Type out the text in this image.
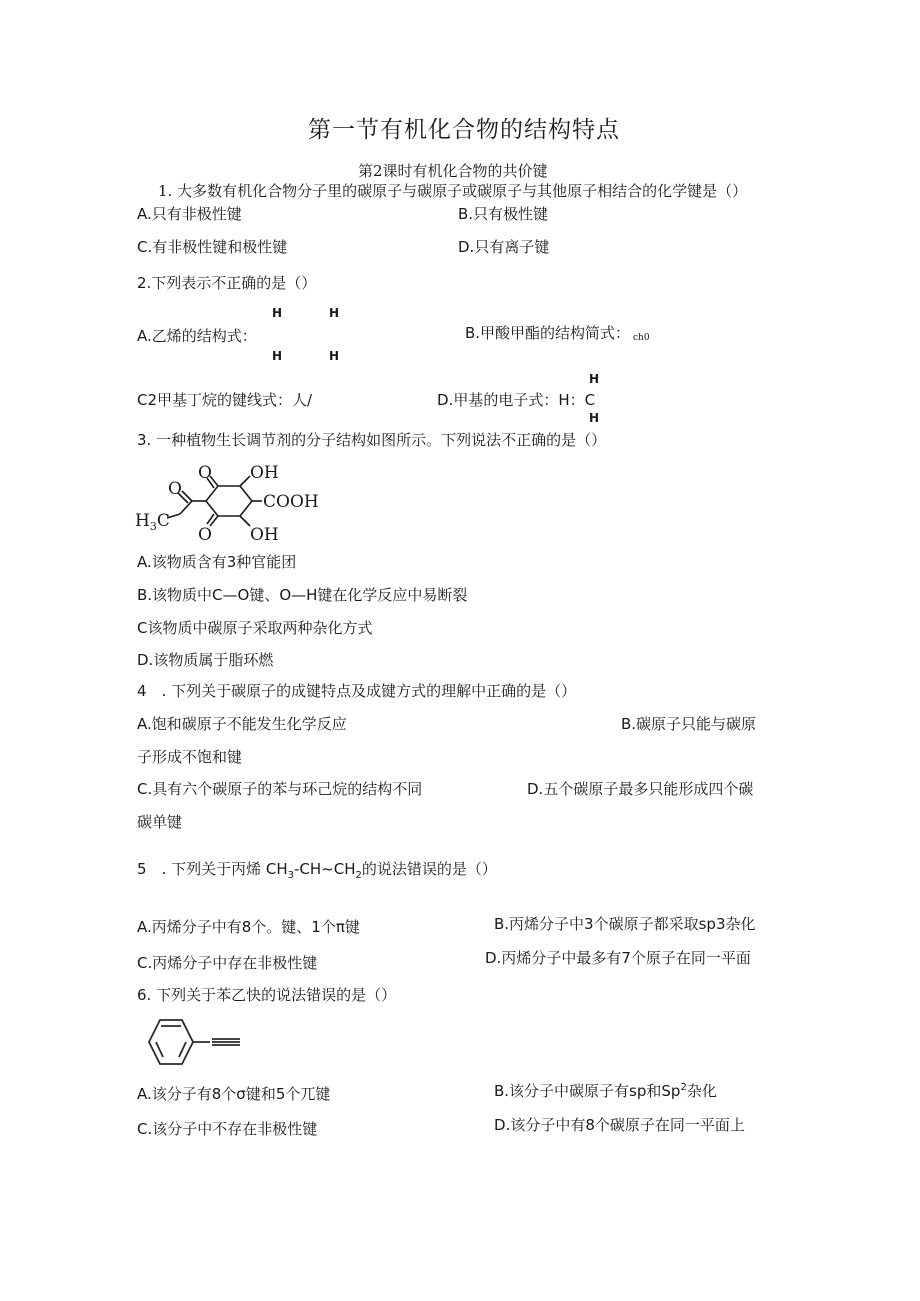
第一节有机化合物的结构特点
第2课时有机化合物的共价键
1. 大多数有机化合物分子里的碳原子与碳原子或碳原子与其他原子相结合的化学键是（）
A.只有非极性键	B.只有极性键
C.有非极性键和极性键	D.只有离子键
2.下列表示不正确的是（）
H	H
A.乙烯的结构式：
H	H
B.甲酸甲酯的结构简式： ch0
C2甲基丁烷的键线式：人/
H
D.甲基的电子式：H：C
H
3. 一种植物生长调节剂的分子结构如图所示。下列说法不正确的是（）
O OH
O
COOH
$H_3C$
O OH
A.该物质含有3种官能团
B.该物质中C—O键、O—H键在化学反应中易断裂
C该物质中碳原子采取两种杂化方式
D.该物质属于脂环燃
4　. 下列关于碳原子的成键特点及成键方式的理解中正确的是（）
A.饱和碳原子不能发生化学反应	B.碳原子只能与碳原
子形成不饱和键
C.具有六个碳原子的苯与环己烷的结构不同	D.五个碳原子最多只能形成四个碳
碳单键
5　. 下列关于丙烯 $CH_3-CH\sim CH_2$的说法错误的是（）
A.丙烯分子中有8个。键、1个π键	B.丙烯分子中3个碳原子都采取sp3杂化
C.丙烯分子中存在非极性键	D.丙烯分子中最多有7个原子在同一平面
6. 下列关于苯乙快的说法错误的是（）
A.该分子有8个σ键和5个兀键	B.该分子中碳原子有sp和Sp$^2$杂化
C.该分子中不存在非极性键	D.该分子中有8个碳原子在同一平面上
